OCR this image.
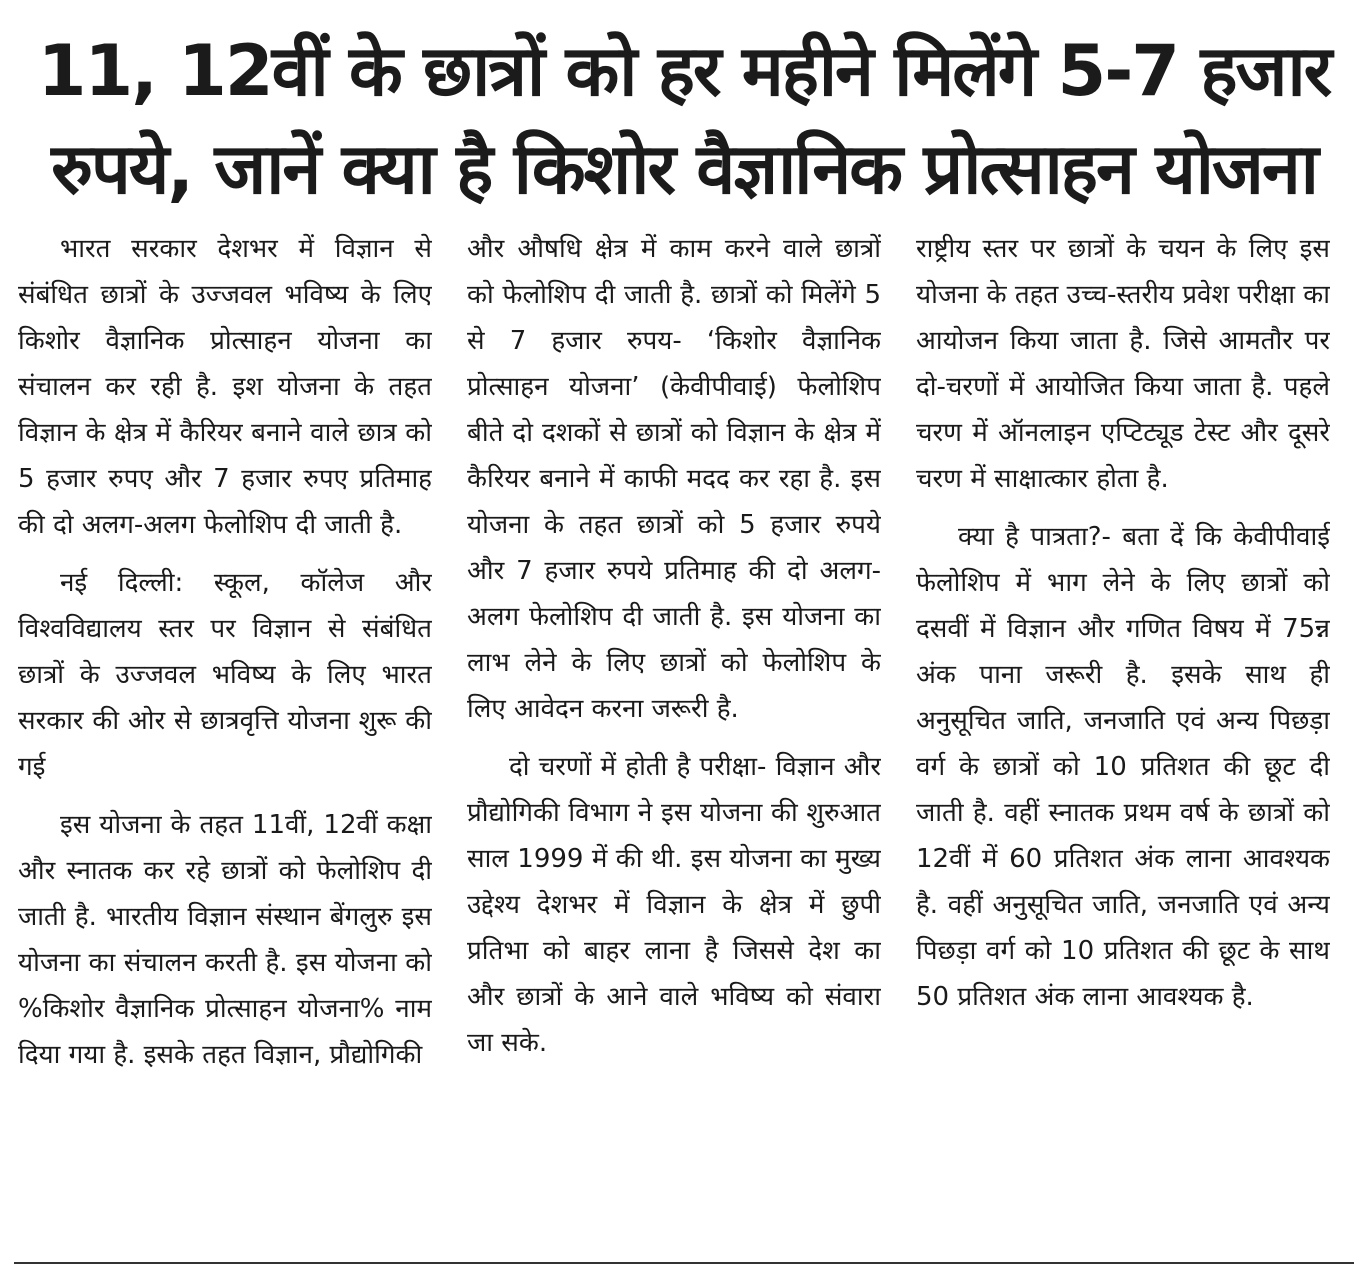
11, 12वीं के छात्रों को हर महीने मिलेंगे 5-7 हजार
रुपये, जानें क्या है किशोर वैज्ञानिक प्रोत्साहन योजना

भारत सरकार देशभर में विज्ञान से संबंधित छात्रों के उज्जवल भविष्य के लिए किशोर वैज्ञानिक प्रोत्साहन योजना का संचालन कर रही है. इश योजना के तहत विज्ञान के क्षेत्र में कैरियर बनाने वाले छात्र को 5 हजार रुपए और 7 हजार रुपए प्रतिमाह की दो अलग-अलग फेलोशिप दी जाती है.

नई दिल्ली: स्कूल, कॉलेज और विश्वविद्यालय स्तर पर विज्ञान से संबंधित छात्रों के उज्जवल भविष्य के लिए भारत सरकार की ओर से छात्रवृत्ति योजना शुरू की गई

इस योजना के तहत 11वीं, 12वीं कक्षा और स्नातक कर रहे छात्रों को फेलोशिप दी जाती है. भारतीय विज्ञान संस्थान बेंगलुरु इस योजना का संचालन करती है. इस योजना को %किशोर वैज्ञानिक प्रोत्साहन योजना% नाम दिया गया है. इसके तहत विज्ञान, प्रौद्योगिकी

और औषधि क्षेत्र में काम करने वाले छात्रों को फेलोशिप दी जाती है. छात्रों को मिलेंगे 5 से 7 हजार रुपय- ‘किशोर वैज्ञानिक प्रोत्साहन योजना’ (केवीपीवाई) फेलोशिप बीते दो दशकों से छात्रों को विज्ञान के क्षेत्र में कैरियर बनाने में काफी मदद कर रहा है. इस योजना के तहत छात्रों को 5 हजार रुपये और 7 हजार रुपये प्रतिमाह की दो अलग-अलग फेलोशिप दी जाती है. इस योजना का लाभ लेने के लिए छात्रों को फेलोशिप के लिए आवेदन करना जरूरी है.

दो चरणों में होती है परीक्षा- विज्ञान और प्रौद्योगिकी विभाग ने इस योजना की शुरुआत साल 1999 में की थी. इस योजना का मुख्य उद्देश्य देशभर में विज्ञान के क्षेत्र में छुपी प्रतिभा को बाहर लाना है जिससे देश का और छात्रों के आने वाले भविष्य को संवारा जा सके.

राष्ट्रीय स्तर पर छात्रों के चयन के लिए इस योजना के तहत उच्च-स्तरीय प्रवेश परीक्षा का आयोजन किया जाता है. जिसे आमतौर पर दो-चरणों में आयोजित किया जाता है. पहले चरण में ऑनलाइन एप्टिट्यूड टेस्ट और दूसरे चरण में साक्षात्कार होता है.

क्या है पात्रता?- बता दें कि केवीपीवाई फेलोशिप में भाग लेने के लिए छात्रों को दसवीं में विज्ञान और गणित विषय में 75न्न अंक पाना जरूरी है. इसके साथ ही अनुसूचित जाति, जनजाति एवं अन्य पिछड़ा वर्ग के छात्रों को 10 प्रतिशत की छूट दी जाती है. वहीं स्नातक प्रथम वर्ष के छात्रों को 12वीं में 60 प्रतिशत अंक लाना आवश्यक है. वहीं अनुसूचित जाति, जनजाति एवं अन्य पिछड़ा वर्ग को 10 प्रतिशत की छूट के साथ 50 प्रतिशत अंक लाना आवश्यक है.
